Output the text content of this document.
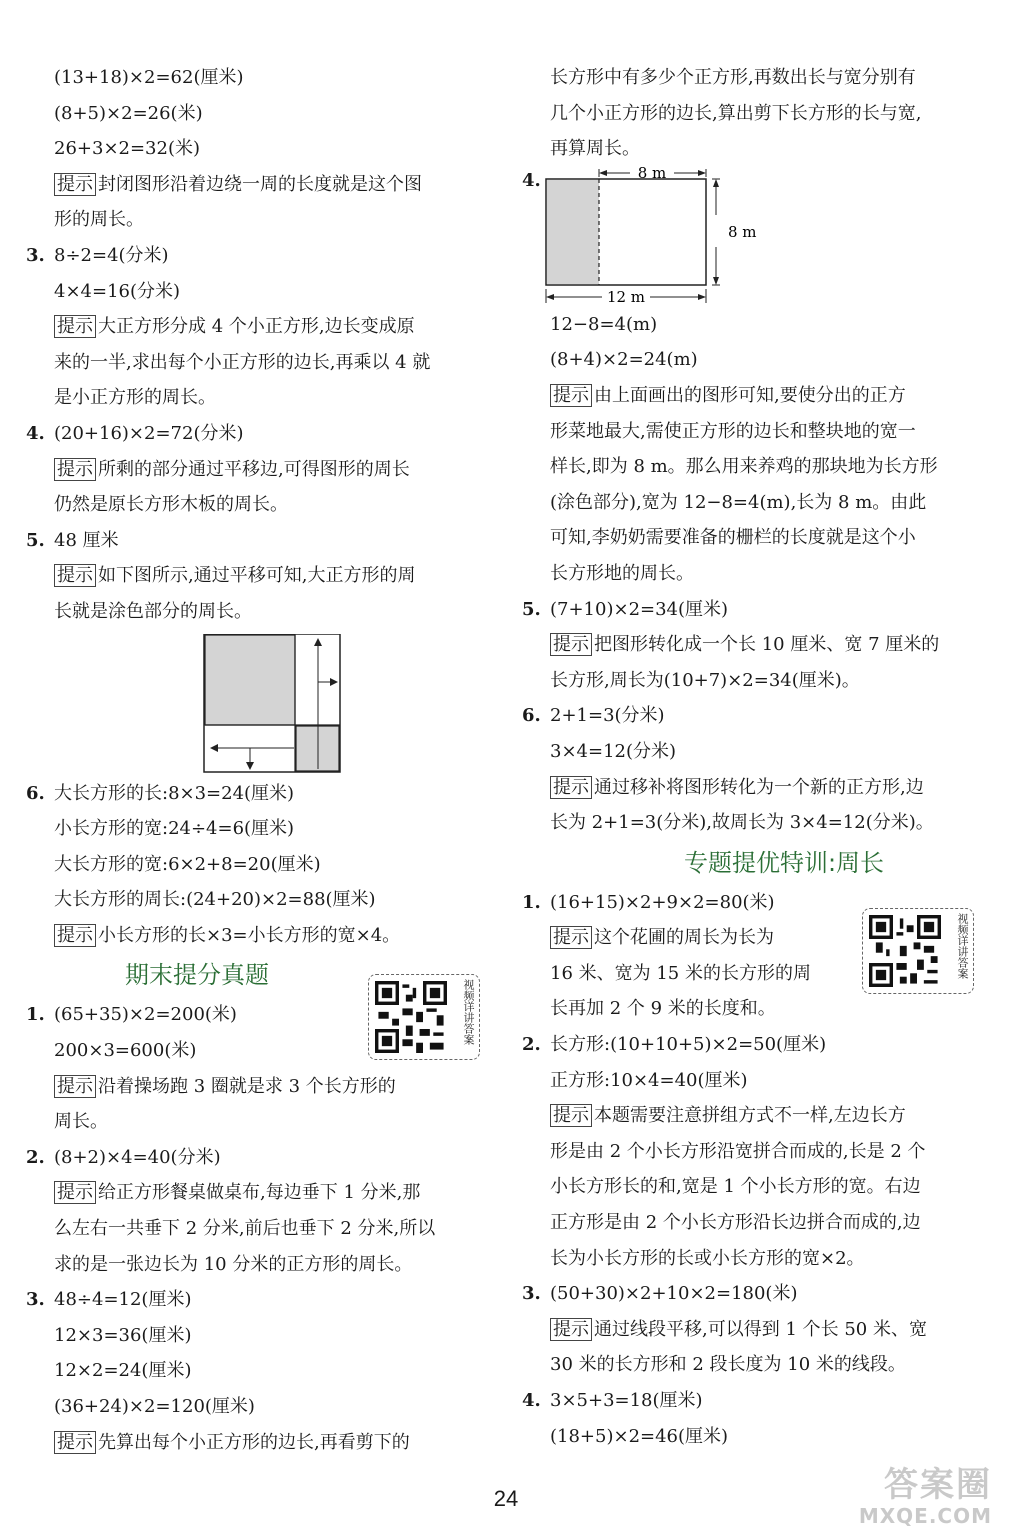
(13+18)×2=62(厘米)
(8+5)×2=26(米)
26+3×2=32(米)
提示 封闭图形沿着边绕一周的长度就是这个图
形的周长。
3. 8÷2=4(分米)
4×4=16(分米)
提示 大正方形分成 4 个小正方形,边长变成原
来的一半,求出每个小正方形的边长,再乘以 4 就
是小正方形的周长。
4. (20+16)×2=72(分米)
提示 所剩的部分通过平移边,可得图形的周长
仍然是原长方形木板的周长。
5. 48 厘米
提示 如下图所示,通过平移可知,大正方形的周
长就是涂色部分的周长。
6. 大长方形的长:8×3=24(厘米)
小长方形的宽:24÷4=6(厘米)
大长方形的宽:6×2+8=20(厘米)
大长方形的周长:(24+20)×2=88(厘米)
提示 小长方形的长×3=小长方形的宽×4。
期末提分真题
1. (65+35)×2=200(米)
200×3=600(米)
提示 沿着操场跑 3 圈就是求 3 个长方形的
周长。
2. (8+2)×4=40(分米)
提示 给正方形餐桌做桌布,每边垂下 1 分米,那
么左右一共垂下 2 分米,前后也垂下 2 分米,所以
求的是一张边长为 10 分米的正方形的周长。
3. 48÷4=12(厘米)
12×3=36(厘米)
12×2=24(厘米)
(36+24)×2=120(厘米)
提示 先算出每个小正方形的边长,再看剪下的
视频详讲答案
长方形中有多少个正方形,再数出长与宽分别有
几个小正方形的边长,算出剪下长方形的长与宽,
再算周长。
4.	8 m
8 m
12 m
12−8=4(m)
(8+4)×2=24(m)
提示 由上面画出的图形可知,要使分出的正方
形菜地最大,需使正方形的边长和整块地的宽一
样长,即为 8 m。那么用来养鸡的那块地为长方形
(涂色部分),宽为 12−8=4(m),长为 8 m。由此
可知,李奶奶需要准备的栅栏的长度就是这个小
长方形地的周长。
5. (7+10)×2=34(厘米)
提示 把图形转化成一个长 10 厘米、宽 7 厘米的
长方形,周长为(10+7)×2=34(厘米)。
6. 2+1=3(分米)
3×4=12(分米)
提示 通过移补将图形转化为一个新的正方形,边
长为 2+1=3(分米),故周长为 3×4=12(分米)。
专题提优特训:周长
1. (16+15)×2+9×2=80(米)
提示 这个花圃的周长为长为
16 米、宽为 15 米的长方形的周
长再加 2 个 9 米的长度和。
2. 长方形:(10+10+5)×2=50(厘米)
正方形:10×4=40(厘米)
提示 本题需要注意拼组方式不一样,左边长方
形是由 2 个小长方形沿宽拼合而成的,长是 2 个
小长方形长的和,宽是 1 个小长方形的宽。右边
正方形是由 2 个小长方形沿长边拼合而成的,边
长为小长方形的长或小长方形的宽×2。
3. (50+30)×2+10×2=180(米)
提示 通过线段平移,可以得到 1 个长 50 米、宽
30 米的长方形和 2 段长度为 10 米的线段。
4. 3×5+3=18(厘米)
(18+5)×2=46(厘米)
视频详讲答案
24	答案圈
MXQE.COM
